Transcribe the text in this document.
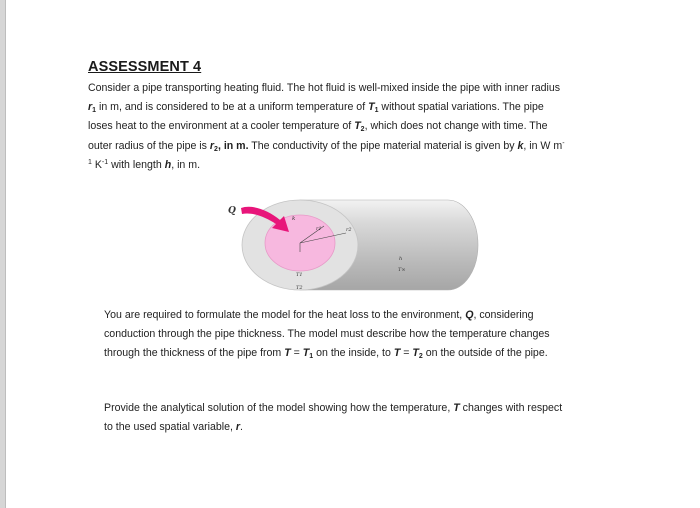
ASSESSMENT 4
Consider a pipe transporting heating fluid. The hot fluid is well-mixed inside the pipe with inner radius
$r_1$ in m, and is considered to be at a uniform temperature of $T_1$ without spatial variations. The pipe
loses heat to the environment at a cooler temperature of $T_2$, which does not change with time. The
outer radius of the pipe is $r_2$, in m. The conductivity of the pipe material material is given by k, in W m-
$^1$ $K^{-1}$ with length h, in m.
Q
k
r1	r2
T1
T2
h
T∞
You are required to formulate the model for the heat loss to the environment, Q, considering
conduction through the pipe thickness. The model must describe how the temperature changes
through the thickness of the pipe from $T = T_1$ on the inside, to $T = T_2$ on the outside of the pipe.
Provide the analytical solution of the model showing how the temperature, T changes with respect
to the used spatial variable, r.
